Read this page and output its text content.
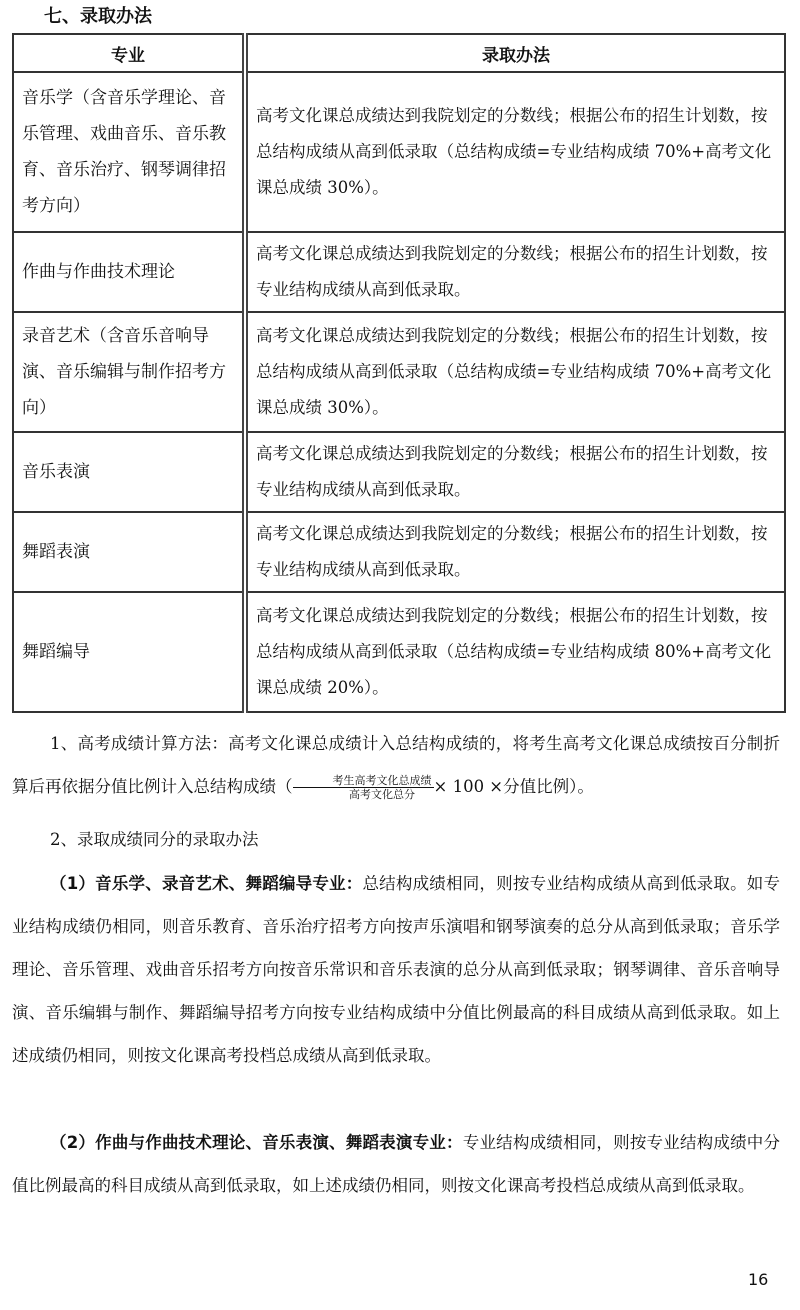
七、录取办法
专业	录取办法
音乐学（含音乐学理论、音乐管理、戏曲音乐、音乐教育、音乐治疗、钢琴调律招考方向）	高考文化课总成绩达到我院划定的分数线；根据公布的招生计划数，按总结构成绩从高到低录取（总结构成绩=专业结构成绩 70%+高考文化课总成绩 30%）。
作曲与作曲技术理论	高考文化课总成绩达到我院划定的分数线；根据公布的招生计划数，按专业结构成绩从高到低录取。
录音艺术（含音乐音响导演、音乐编辑与制作招考方向）	高考文化课总成绩达到我院划定的分数线；根据公布的招生计划数，按总结构成绩从高到低录取（总结构成绩=专业结构成绩 70%+高考文化课总成绩 30%）。
音乐表演	高考文化课总成绩达到我院划定的分数线；根据公布的招生计划数，按专业结构成绩从高到低录取。
舞蹈表演	高考文化课总成绩达到我院划定的分数线；根据公布的招生计划数，按专业结构成绩从高到低录取。
舞蹈编导	高考文化课总成绩达到我院划定的分数线；根据公布的招生计划数，按总结构成绩从高到低录取（总结构成绩=专业结构成绩 80%+高考文化课总成绩 20%）。

1、高考成绩计算方法：高考文化课总成绩计入总结构成绩的，将考生高考文化课总成绩按百分制折算后再依据分值比例计入总结构成绩（ $\frac{\text{考生高考文化总成绩}}{\text{高考文化总分}} \times 100$ ×分值比例）。

2、录取成绩同分的录取办法

（1）音乐学、录音艺术、舞蹈编导专业：总结构成绩相同，则按专业结构成绩从高到低录取。如专业结构成绩仍相同，则音乐教育、音乐治疗招考方向按声乐演唱和钢琴演奏的总分从高到低录取；音乐学理论、音乐管理、戏曲音乐招考方向按音乐常识和音乐表演的总分从高到低录取；钢琴调律、音乐音响导演、音乐编辑与制作、舞蹈编导招考方向按专业结构成绩中分值比例最高的科目成绩从高到低录取。如上述成绩仍相同，则按文化课高考投档总成绩从高到低录取。

（2）作曲与作曲技术理论、音乐表演、舞蹈表演专业：专业结构成绩相同，则按专业结构成绩中分值比例最高的科目成绩从高到低录取，如上述成绩仍相同，则按文化课高考投档总成绩从高到低录取。

16
